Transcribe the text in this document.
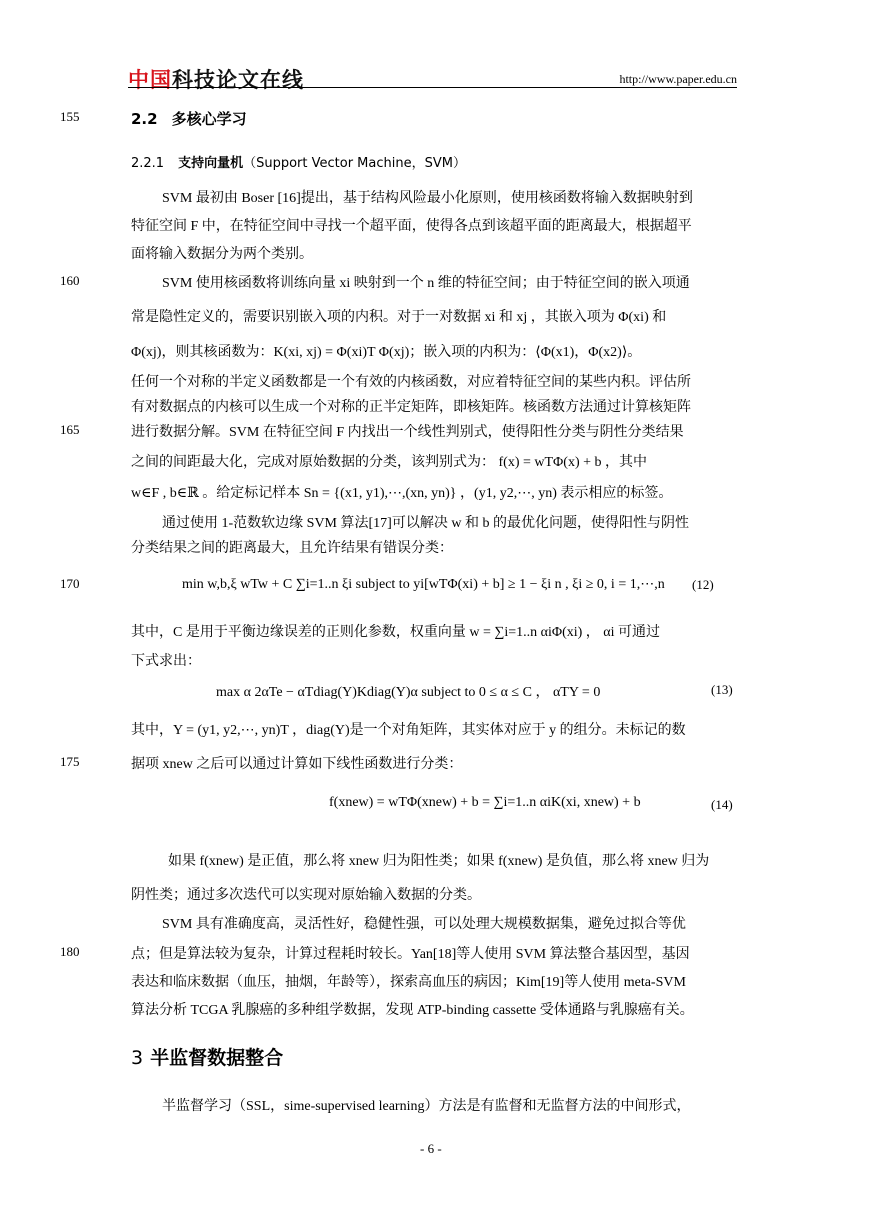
中国科技论文在线	http://www.paper.edu.cn
155
160
165
170
175
180
2.2 多核心学习
2.2.1 支持向量机（Support Vector Machine，SVM）
SVM 最初由 Boser [16]提出，基于结构风险最小化原则，使用核函数将输入数据映射到
特征空间 F 中，在特征空间中寻找一个超平面，使得各点到该超平面的距离最大，根据超平
面将输入数据分为两个类别。
SVM 使用核函数将训练向量 xi 映射到一个 n 维的特征空间；由于特征空间的嵌入项通
常是隐性定义的，需要识别嵌入项的内积。对于一对数据 xi 和 xj ，其嵌入项为 Φ(xi) 和
Φ(xj)，则其核函数为：K(xi, xj) = Φ(xi)T Φ(xj)；嵌入项的内积为：⟨Φ(x1)，Φ(x2)⟩。
任何一个对称的半定义函数都是一个有效的内核函数，对应着特征空间的某些内积。评估所
有对数据点的内核可以生成一个对称的正半定矩阵，即核矩阵。核函数方法通过计算核矩阵
进行数据分解。SVM 在特征空间 F 内找出一个线性判别式，使得阳性分类与阴性分类结果
之间的间距最大化，完成对原始数据的分类，该判别式为： f(x) = wTΦ(x) + b ，其中
w∈F , b∈ℝ 。给定标记样本 Sn = {(x1, y1),⋯,(xn, yn)} ，(y1, y2,⋯, yn) 表示相应的标签。
通过使用 1-范数软边缘 SVM 算法[17]可以解决 w 和 b 的最优化问题，使得阳性与阴性
分类结果之间的距离最大，且允许结果有错误分类：
min w,b,ξ wTw + C ∑i=1..n ξi subject to yi[wTΦ(xi) + b] ≥ 1 − ξi n , ξi ≥ 0, i = 1,⋯,n (12)
其中，C 是用于平衡边缘误差的正则化参数，权重向量 w = ∑i=1..n αiΦ(xi) ， αi 可通过
下式求出：
max α 2αTe − αTdiag(Y)Kdiag(Y)α subject to 0 ≤ α ≤ C ， αTY = 0	(13)
其中，Y = (y1, y2,⋯, yn)T ，diag(Y)是一个对角矩阵，其实体对应于 y 的组分。未标记的数
据项 xnew 之后可以通过计算如下线性函数进行分类：
f(xnew) = wTΦ(xnew) + b = ∑i=1..n αiK(xi, xnew) + b	(14)
如果 f(xnew) 是正值，那么将 xnew 归为阳性类；如果 f(xnew) 是负值，那么将 xnew 归为
阴性类；通过多次迭代可以实现对原始输入数据的分类。
SVM 具有准确度高，灵活性好，稳健性强，可以处理大规模数据集，避免过拟合等优
点；但是算法较为复杂，计算过程耗时较长。Yan[18]等人使用 SVM 算法整合基因型，基因
表达和临床数据（血压，抽烟，年龄等），探索高血压的病因；Kim[19]等人使用 meta-SVM
算法分析 TCGA 乳腺癌的多种组学数据，发现 ATP-binding cassette 受体通路与乳腺癌有关。
3 半监督数据整合
半监督学习（SSL，sime-supervised learning）方法是有监督和无监督方法的中间形式，
- 6 -
